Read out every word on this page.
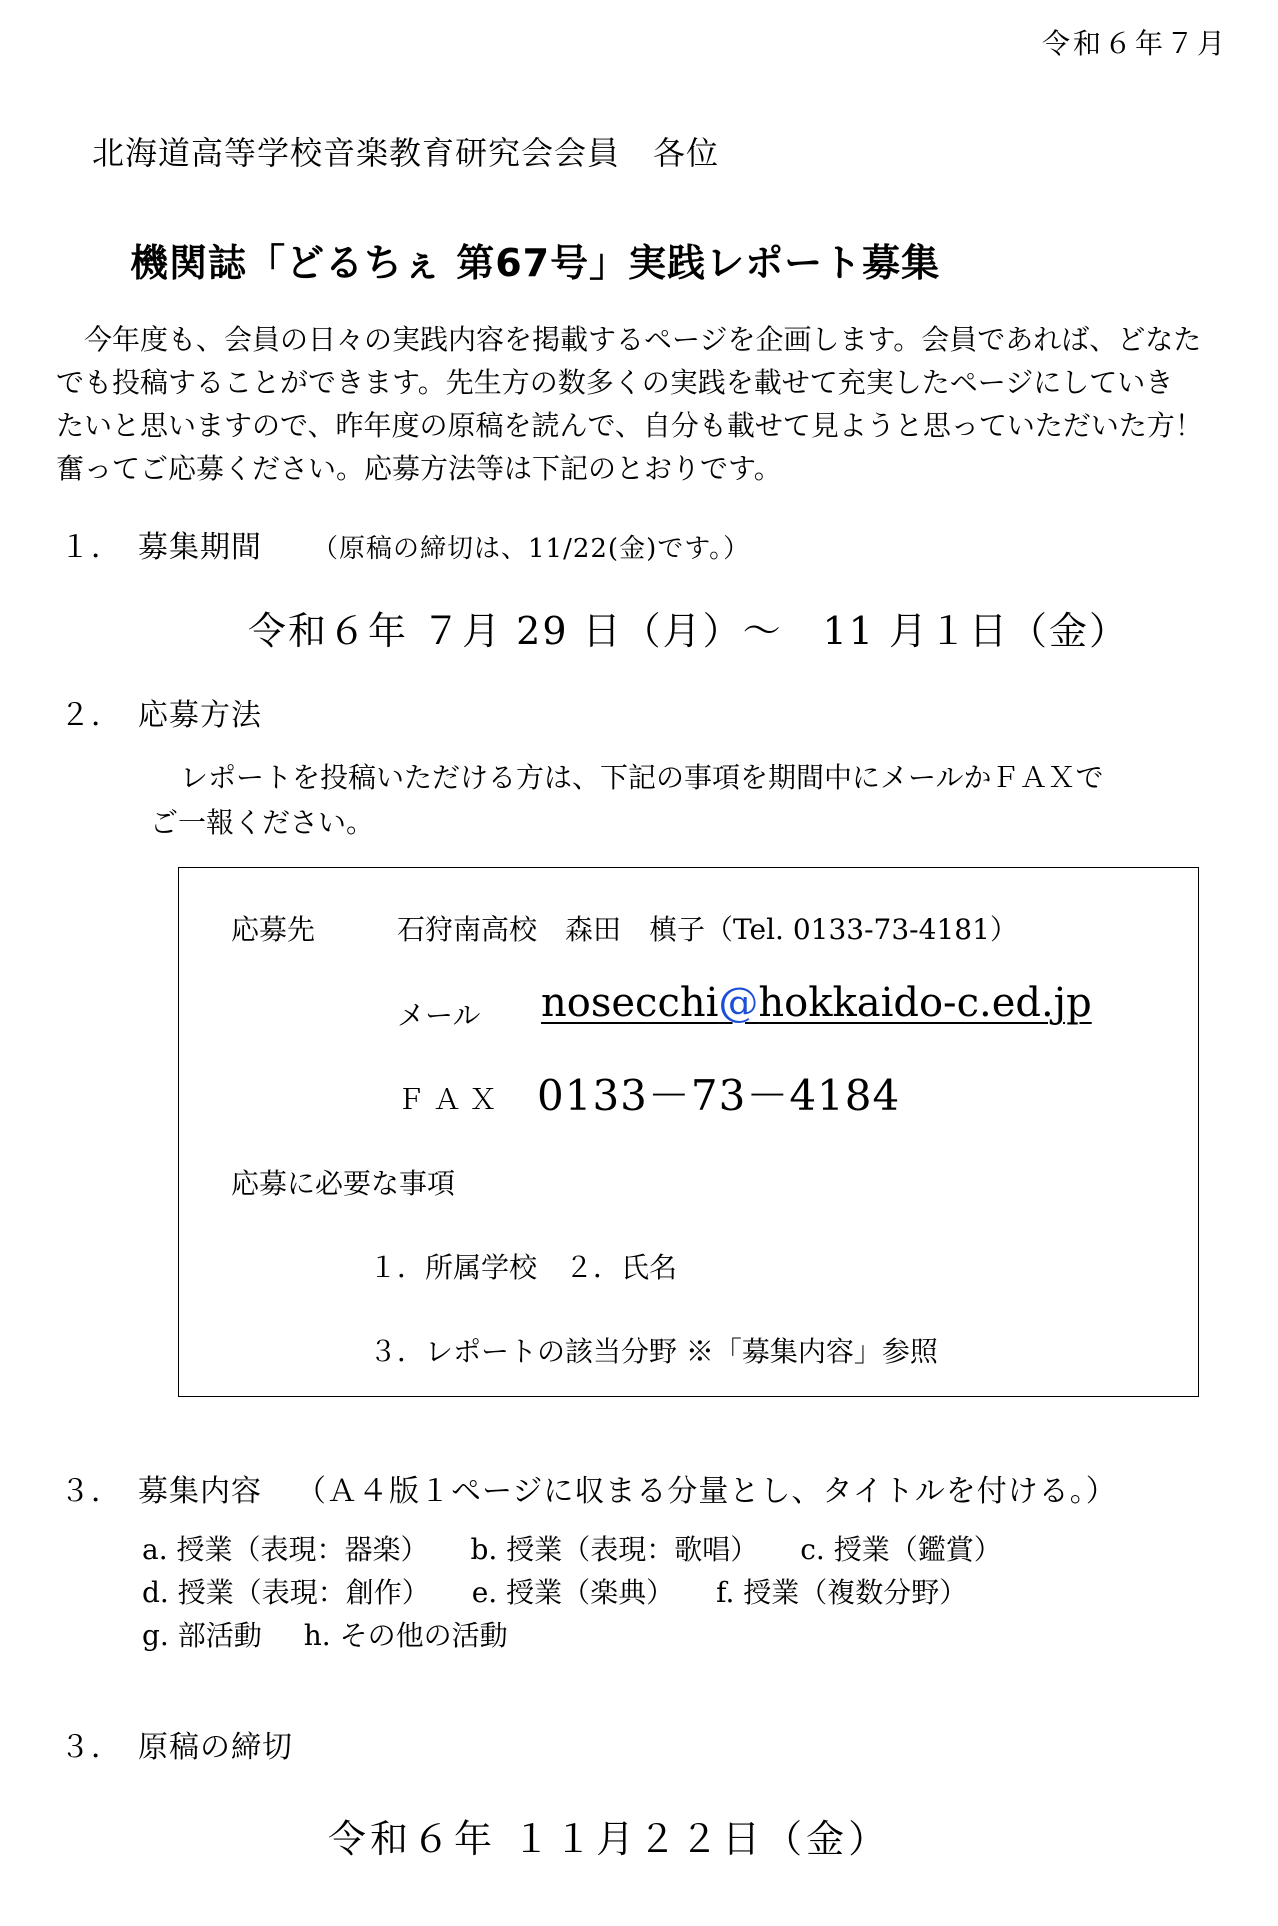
令和６年７月
北海道高等学校音楽教育研究会会員　各位
機関誌「どるちぇ 第67号」実践レポート募集
　今年度も、会員の日々の実践内容を掲載するページを企画します。会員であれば、どなた
でも投稿することができます。先生方の数多くの実践を載せて充実したページにしていき
たいと思いますので、昨年度の原稿を読んで、自分も載せて見ようと思っていただいた方！
奮ってご応募ください。応募方法等は下記のとおりです。
１． 募集期間 （原稿の締切は、11/22(金)です。）
令和６年 ７月 29 日（月）～　11 月１日（金）
２． 応募方法
レポートを投稿いただける方は、下記の事項を期間中にメールかＦＡＸで
ご一報ください。
応募先	石狩南高校　森田　槙子（Tel. 0133-73-4181）
メール nosecchi@hokkaido-c.ed.jp
ＦＡＸ 0133－73－4184
応募に必要な事項
１．所属学校　２．氏名
３．レポートの該当分野 ※「募集内容」参照
３． 募集内容 （Ａ４版１ページに収まる分量とし、タイトルを付ける。）
a. 授業（表現：器楽） b. 授業（表現：歌唱） c. 授業（鑑賞）
d. 授業（表現：創作） e. 授業（楽典） f. 授業（複数分野）
g. 部活動 h. その他の活動
３． 原稿の締切
令和６年 １１月２２日（金）
